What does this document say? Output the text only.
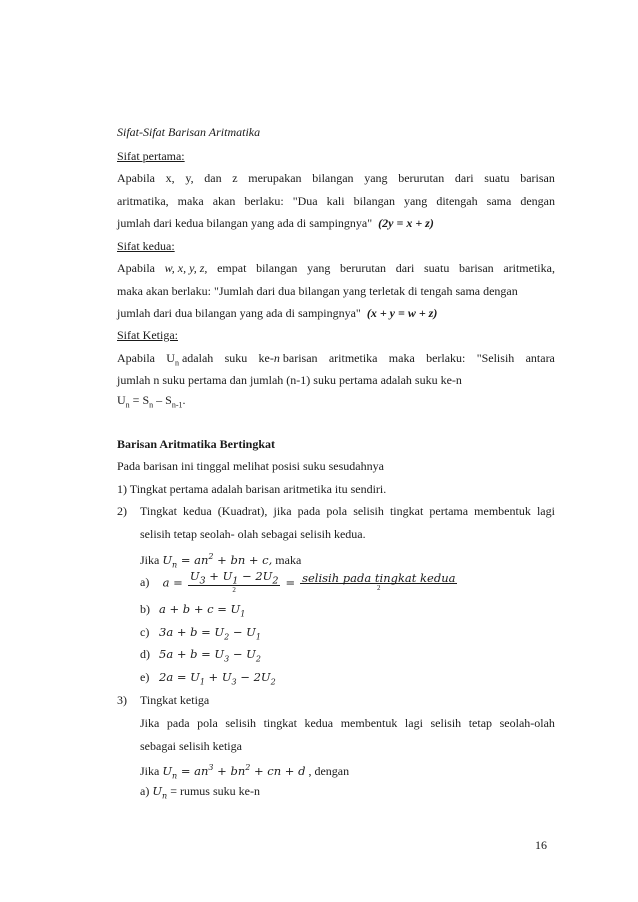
Sifat-Sifat Barisan Aritmatika
Sifat pertama:
Apabila x, y, dan z merupakan bilangan yang berurutan dari suatu barisan
aritmatika, maka akan berlaku: "Dua kali bilangan yang ditengah sama dengan
jumlah dari kedua bilangan yang ada di sampingnya" (2y = x + z)
Sifat kedua:
Apabila w, x, y, z, empat bilangan yang berurutan dari suatu barisan aritmetika,
maka akan berlaku: "Jumlah dari dua bilangan yang terletak di tengah sama dengan
jumlah dari dua bilangan yang ada di sampingnya" (x + y = w + z)
Sifat Ketiga:
Apabila $U_n$ adalah suku ke-n barisan aritmetika maka berlaku: "Selisih antara
jumlah n suku pertama dan jumlah (n-1) suku pertama adalah suku ke-n
$U_n = S_n - S_{n-1}$.
Barisan Aritmatika Bertingkat
Pada barisan ini tinggal melihat posisi suku sesudahnya
1) Tingkat pertama adalah barisan aritmetika itu sendiri.
2) Tingkat kedua (Kuadrat), jika pada pola selisih tingkat pertama membentuk lagi
selisih tetap seolah- olah sebagai selisih kedua.
Jika $U_n = an^2$ + bn + c, maka
a)  $a = \frac{U_3 + U_1 - 2U_2}{2} = \frac{\text{selisih pada tingkat kedua}}{2}$
b) $a + b + c = U_1$
c) $3a + b = U_2 - U_1$
d) $5a + b = U_3 - U_2$
e) $2a = U_1 + U_3 - 2U_2$
3) Tingkat ketiga
Jika pada pola selisih tingkat kedua membentuk lagi selisih tetap seolah-olah
sebagai selisih ketiga
Jika $U_n = an^3 + bn^2$ + cn + d , dengan
a) $U_n$ = rumus suku ke-n
16
